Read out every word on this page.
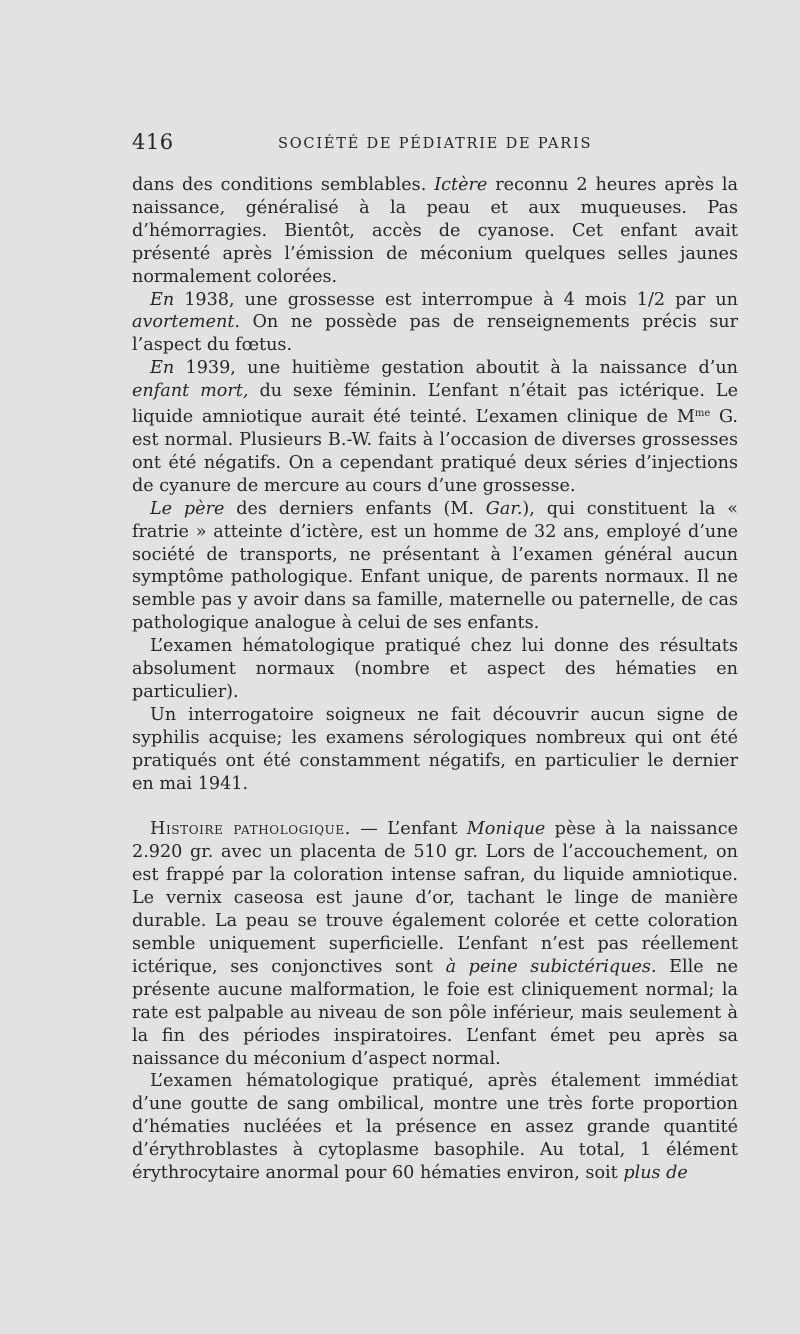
416	SOCIÉTÉ DE PÉDIATRIE DE PARIS

dans des conditions semblables. Ictère reconnu 2 heures après la naissance, généralisé à la peau et aux muqueuses. Pas d’hémorragies. Bientôt, accès de cyanose. Cet enfant avait présenté après l’émission de méconium quelques selles jaunes normalement colorées.

En 1938, une grossesse est interrompue à 4 mois 1/2 par un avortement. On ne possède pas de renseignements précis sur l’aspect du fœtus.

En 1939, une huitième gestation aboutit à la naissance d’un enfant mort, du sexe féminin. L’enfant n’était pas ictérique. Le liquide amniotique aurait été teinté. L’examen clinique de $M^{me}$ G. est normal. Plusieurs B.-W. faits à l’occasion de diverses grossesses ont été négatifs. On a cependant pratiqué deux séries d’injections de cyanure de mercure au cours d’une grossesse.

Le père des derniers enfants (M. Gar.), qui constituent la « fratrie » atteinte d’ictère, est un homme de 32 ans, employé d’une société de transports, ne présentant à l’examen général aucun symptôme pathologique. Enfant unique, de parents normaux. Il ne semble pas y avoir dans sa famille, maternelle ou paternelle, de cas pathologique analogue à celui de ses enfants.

L’examen hématologique pratiqué chez lui donne des résultats absolument normaux (nombre et aspect des hématies en particulier).

Un interrogatoire soigneux ne fait découvrir aucun signe de syphilis acquise; les examens sérologiques nombreux qui ont été pratiqués ont été constamment négatifs, en particulier le dernier en mai 1941.

Histoire pathologique. — L’enfant Monique pèse à la naissance 2.920 gr. avec un placenta de 510 gr. Lors de l’accouchement, on est frappé par la coloration intense safran, du liquide amniotique. Le vernix caseosa est jaune d’or, tachant le linge de manière durable. La peau se trouve également colorée et cette coloration semble uniquement superficielle. L’enfant n’est pas réellement ictérique, ses conjonctives sont à peine subictériques. Elle ne présente aucune malformation, le foie est cliniquement normal; la rate est palpable au niveau de son pôle inférieur, mais seulement à la fin des périodes inspiratoires. L’enfant émet peu après sa naissance du méconium d’aspect normal.

L’examen hématologique pratiqué, après étalement immédiat d’une goutte de sang ombilical, montre une très forte proportion d’hématies nucléées et la présence en assez grande quantité d’érythroblastes à cytoplasme basophile. Au total, 1 élément érythrocytaire anormal pour 60 hématies environ, soit plus de
